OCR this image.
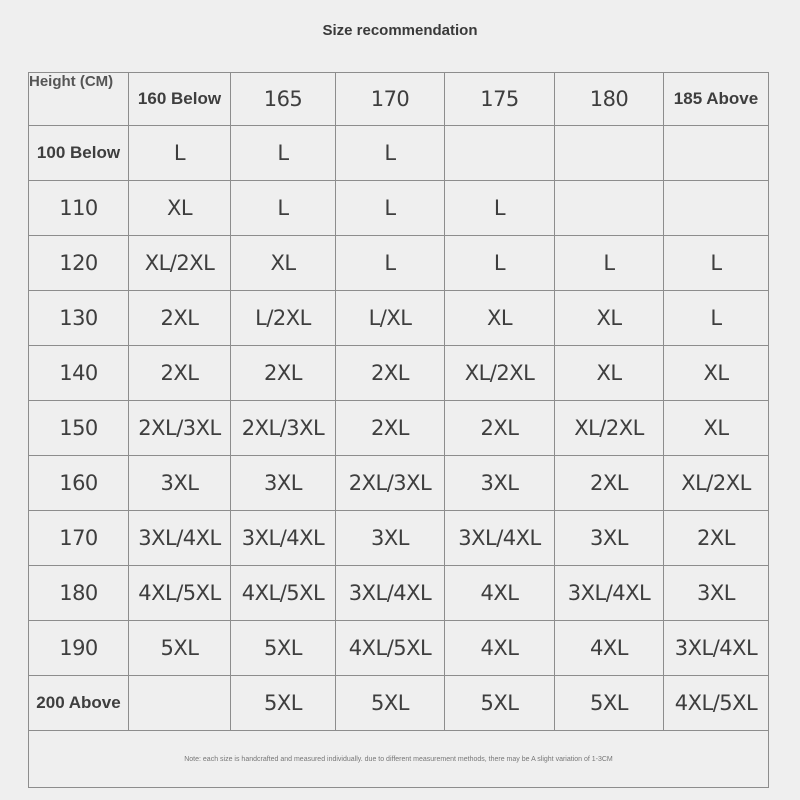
Size recommendation
Height (CM)	160 Below	165	170	175	180	185 Above
100 Below	L	L	L			
110	XL	L	L	L		
120	XL/2XL	XL	L	L	L	L
130	2XL	L/2XL	L/XL	XL	XL	L
140	2XL	2XL	2XL	XL/2XL	XL	XL
150	2XL/3XL	2XL/3XL	2XL	2XL	XL/2XL	XL
160	3XL	3XL	2XL/3XL	3XL	2XL	XL/2XL
170	3XL/4XL	3XL/4XL	3XL	3XL/4XL	3XL	2XL
180	4XL/5XL	4XL/5XL	3XL/4XL	4XL	3XL/4XL	3XL
190	5XL	5XL	4XL/5XL	4XL	4XL	3XL/4XL
200 Above		5XL	5XL	5XL	5XL	4XL/5XL
Note: each size is handcrafted and measured individually. due to different measurement methods, there may be A slight variation of 1-3CM						
